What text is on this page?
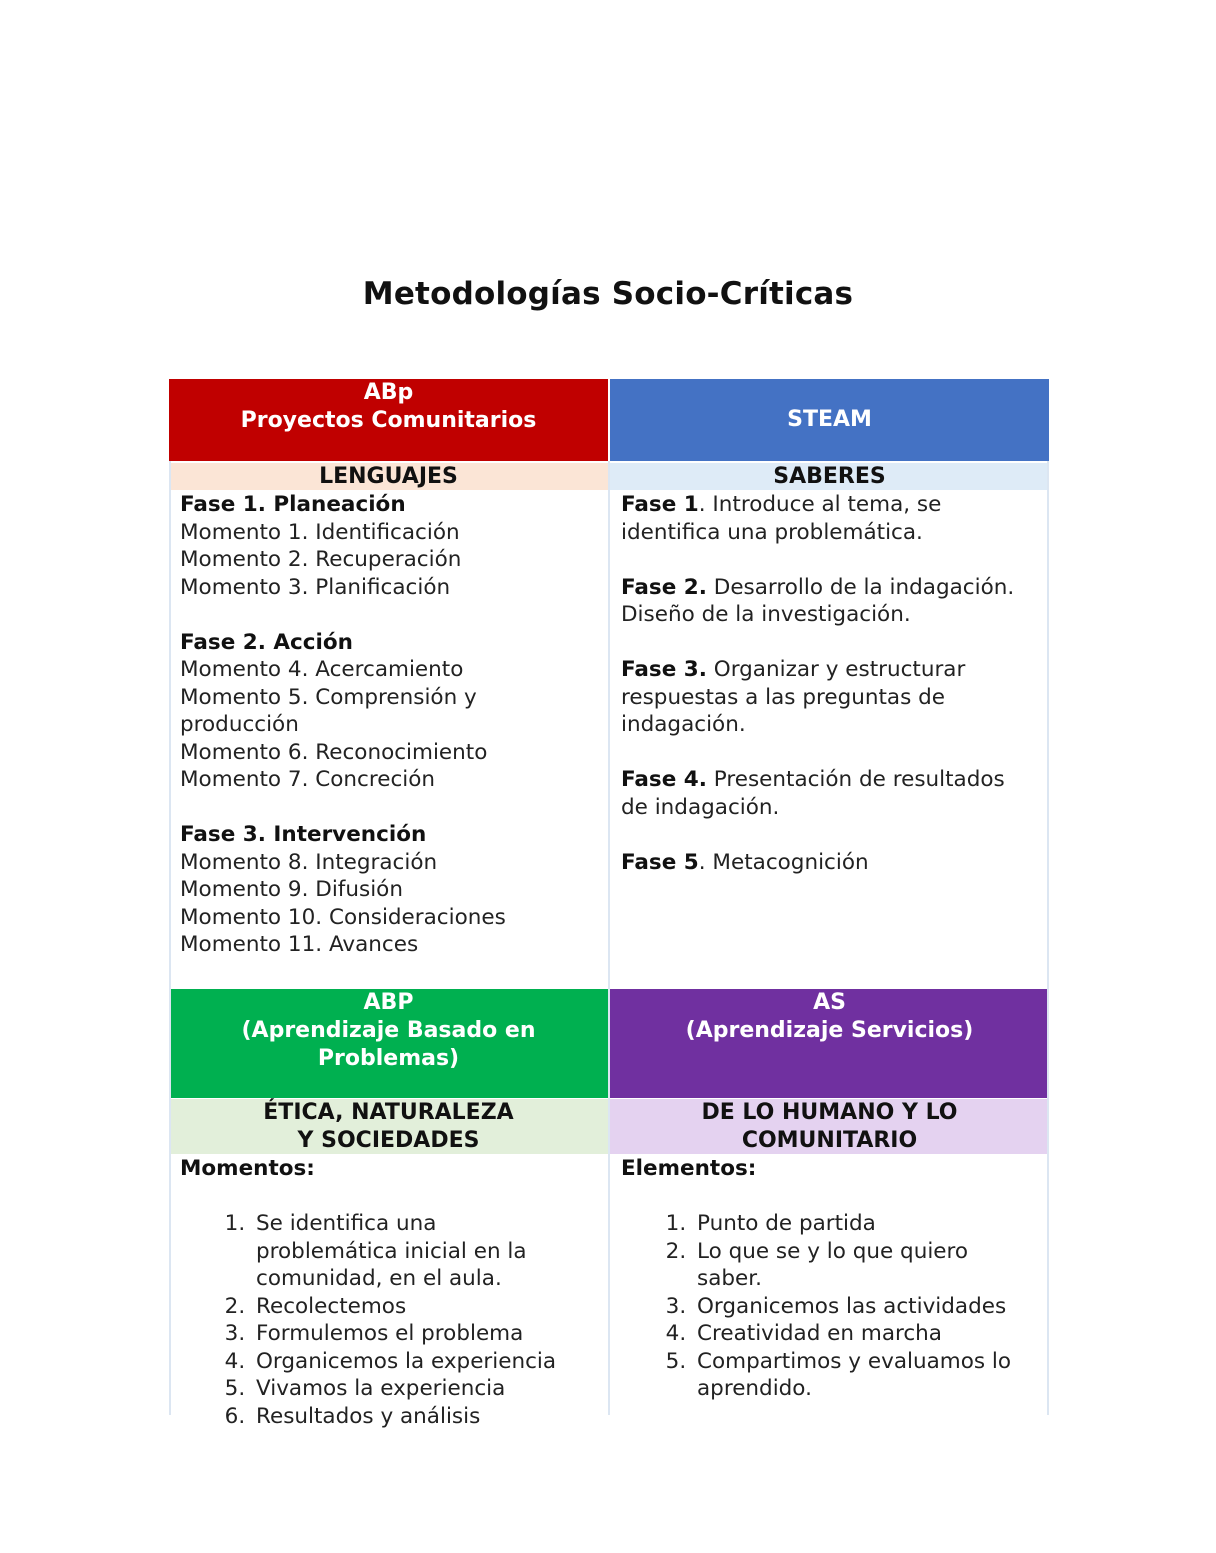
Metodologías Socio-Críticas
ABp
Proyectos Comunitarios	STEAM
LENGUAJES	SABERES

Fase 1. Planeación

Momento 1. Identificación

Momento 2. Recuperación

Momento 3. Planificación

Fase 2. Acción

Momento 4. Acercamiento

Momento 5. Comprensión y producción

Momento 6. Reconocimiento

Momento 7. Concreción

Fase 3. Intervención

Momento 8. Integración

Momento 9. Difusión

Momento 10. Consideraciones

Momento 11. Avances

Fase 1. Introduce al tema, se identifica una problemática.

Fase 2. Desarrollo de la indagación. Diseño de la investigación.

Fase 3. Organizar y estructurar respuestas a las preguntas de indagación.

Fase 4. Presentación de resultados de indagación.

Fase 5. Metacognición

ABP
(Aprendizaje Basado en Problemas)
AS
(Aprendizaje Servicios)
ÉTICA, NATURALEZA Y SOCIEDADES
DE LO HUMANO Y LO COMUNITARIO

Momentos:

1. Se identifica una problemática inicial en la comunidad, en el aula.
2. Recolectemos
3. Formulemos el problema
4. Organicemos la experiencia
5. Vivamos la experiencia
6. Resultados y análisis

Elementos:

1. Punto de partida
2. Lo que se y lo que quiero saber.
3. Organicemos las actividades
4. Creatividad en marcha
5. Compartimos y evaluamos lo aprendido.
